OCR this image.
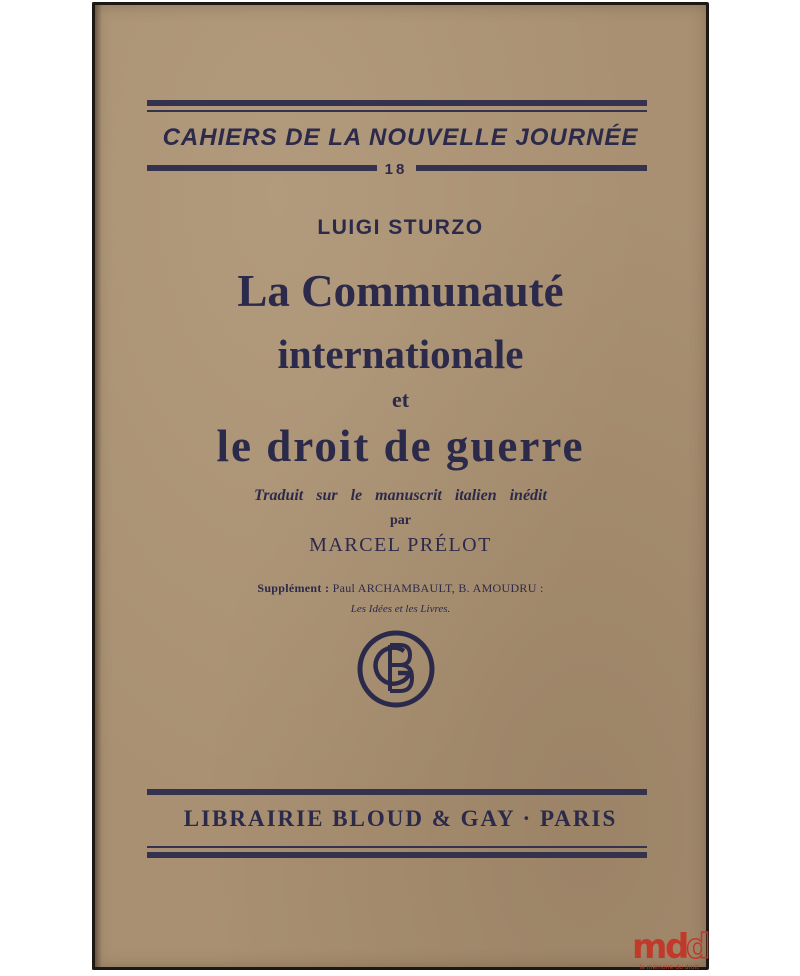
CAHIERS DE LA NOUVELLE JOURNÉE
18
LUIGI STURZO
La Communauté
internationale
et
le droit de guerre
Traduit sur le manuscrit italien inédit
par
MARCEL PRÉLOT
Supplément : Paul ARCHAMBAULT, B. AMOUDRU :
Les Idées et les Livres.
LIBRAIRIE BLOUD & GAY · PARIS
m
d
d
la mémoire du droit
